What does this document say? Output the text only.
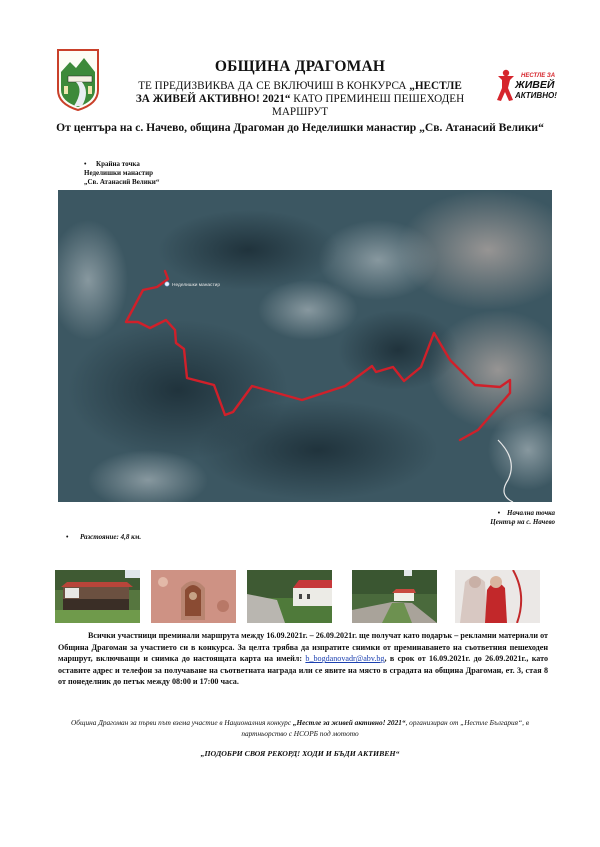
ОБЩИНА ДРАГОМАН
ТЕ ПРЕДИЗВИКВА ДА СЕ ВКЛЮЧИШ В КОНКУРСА „НЕСТЛЕ ЗА ЖИВЕЙ АКТИВНО! 2021“ КАТО ПРЕМИНЕШ ПЕШЕХОДЕН МАРШРУТ
НЕСТЛЕ ЗА
ЖИВЕЙ
АКТИВНО!
От центъра на с. Начево, община Драгоман до Неделишки манастир „Св. Атанасий Велики“
• Крайна точка
Неделишки манастир
„Св. Атанасий Велики“
Неделишки манастир
• Начална точка
Център на с. Начево
• Разстояние: 4,8 км.
Всички участници преминали маршрута между 16.09.2021г. – 26.09.2021г. ще получат като подарък – рекламни материали от Община Драгоман за участието си в конкурса. За целта трябва да изпратите снимки от преминаването на съответния пешеходен маршрут, включващи и снимка до настоящата карта на имейл: b_bogdanovadr@abv.bg, в срок от 16.09.2021г. до 26.09.2021г., като оставите адрес и телефон за получаване на съответната награда или се явите на място в сградата на община Драгоман, ет. 3, стая 8 от понеделник до петък между 08:00 и 17:00 часа.
Община Драгоман за първи път взема участие в Националния конкурс „Нестле за живей активно! 2021“, организиран от „Нестле България“, в партньорство с НСОРБ под мотото
„ПОДОБРИ СВОЯ РЕКОРД! ХОДИ И БЪДИ АКТИВЕН“
